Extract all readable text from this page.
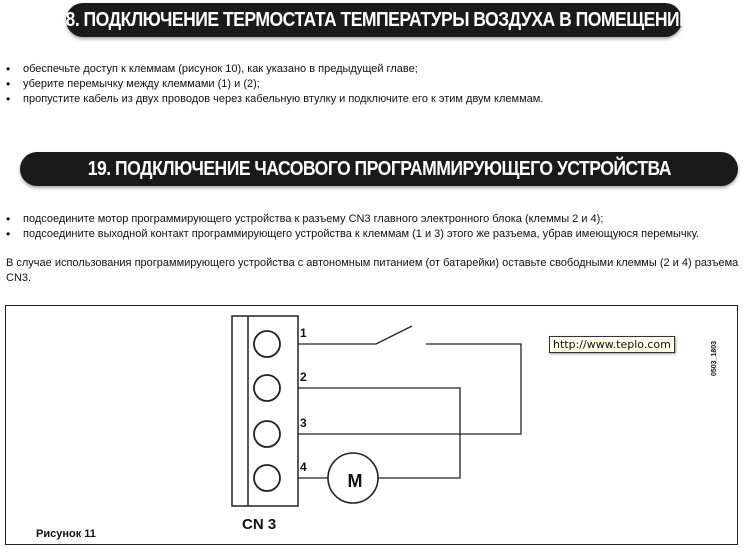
18. ПОДКЛЮЧЕНИЕ ТЕРМОСТАТА ТЕМПЕРАТУРЫ ВОЗДУХА В ПОМЕЩЕНИИ
• обеспечьте доступ к клеммам (рисунок 10), как указано в предыдущей главе;
• уберите перемычку между клеммами (1) и (2);
• пропустите кабель из двух проводов через кабельную втулку и подключите его к этим двум клеммам.
19. ПОДКЛЮЧЕНИЕ ЧАСОВОГО ПРОГРАММИРУЮЩЕГО УСТРОЙСТВА
• подсоедините мотор программирующего устройства к разъему CN3 главного электронного блока (клеммы 2 и 4);
• подсоедините выходной контакт программирующего устройства к клеммам (1 и 3) этого же разъема, убрав имеющуюся перемычку.

В случае использования программирующего устройства с автономным питанием (от батарейки) оставьте свободными клеммы (2 и 4) разъема CN3.

1
2
3
4
M
CN 3
Рисунок 11
0503_1803
http://www.teplo.com
